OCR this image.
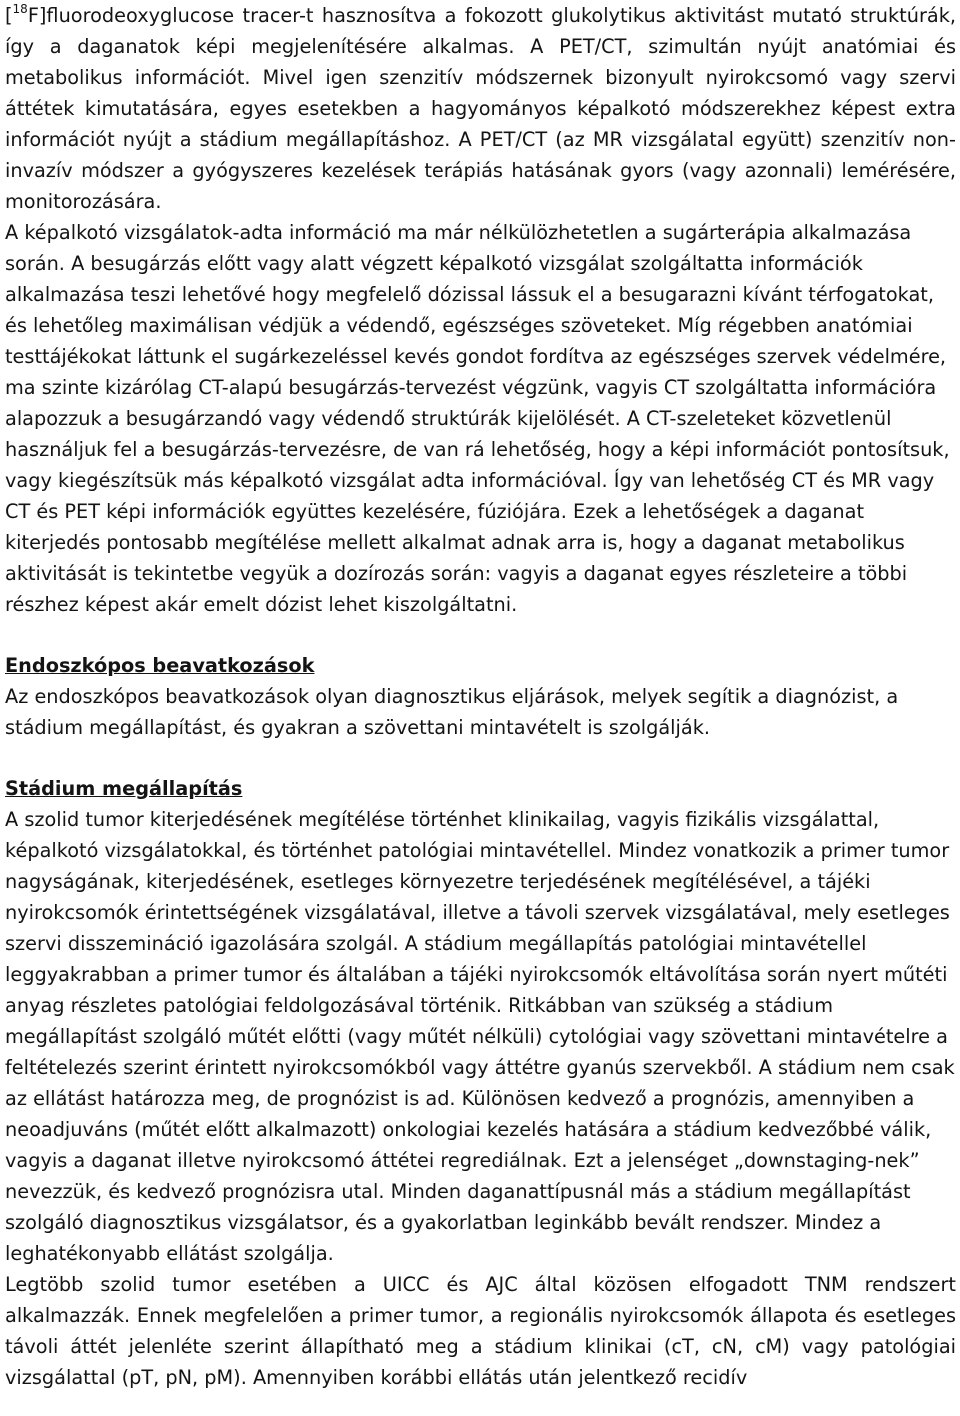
[$^{18}$F]fluorodeoxyglucose tracer-t hasznosítva a fokozott glukolytikus aktivitást mutató struktúrák, így a daganatok képi megjelenítésére alkalmas. A PET/CT, szimultán nyújt anatómiai és metabolikus információt. Mivel igen szenzitív módszernek bizonyult nyirokcsomó vagy szervi áttétek kimutatására, egyes esetekben a hagyományos képalkotó módszerekhez képest extra információt nyújt a stádium megállapításhoz. A PET/CT (az MR vizsgálatal együtt) szenzitív non-invazív módszer a gyógyszeres kezelések terápiás hatásának gyors (vagy azonnali) lemérésére, monitorozására.

A képalkotó vizsgálatok-adta információ ma már nélkülözhetetlen a sugárterápia alkalmazása során. A besugárzás előtt vagy alatt végzett képalkotó vizsgálat szolgáltatta információk alkalmazása teszi lehetővé hogy megfelelő dózissal lássuk el a besugarazni kívánt térfogatokat, és lehetőleg maximálisan védjük a védendő, egészséges szöveteket. Míg régebben anatómiai testtájékokat láttunk el sugárkezeléssel kevés gondot fordítva az egészséges szervek védelmére, ma szinte kizárólag CT-alapú besugárzás-tervezést végzünk, vagyis CT szolgáltatta információra alapozzuk a besugárzandó vagy védendő struktúrák kijelölését. A CT-szeleteket közvetlenül használjuk fel a besugárzás-tervezésre, de van rá lehetőség, hogy a képi információt pontosítsuk, vagy kiegészítsük más képalkotó vizsgálat adta információval. Így van lehetőség CT és MR vagy CT és PET képi információk együttes kezelésére, fúziójára. Ezek a lehetőségek a daganat kiterjedés pontosabb megítélése mellett alkalmat adnak arra is, hogy a daganat metabolikus aktivitását is tekintetbe vegyük a dozírozás során: vagyis a daganat egyes részleteire a többi részhez képest akár emelt dózist lehet kiszolgáltatni.

Endoszkópos beavatkozások

Az endoszkópos beavatkozások olyan diagnosztikus eljárások, melyek segítik a diagnózist, a stádium megállapítást, és gyakran a szövettani mintavételt is szolgálják.

Stádium megállapítás

A szolid tumor kiterjedésének megítélése történhet klinikailag, vagyis fizikális vizsgálattal, képalkotó vizsgálatokkal, és történhet patológiai mintavétellel. Mindez vonatkozik a primer tumor nagyságának, kiterjedésének, esetleges környezetre terjedésének megítélésével, a tájéki nyirokcsomók érintettségének vizsgálatával, illetve a távoli szervek vizsgálatával, mely esetleges szervi disszemináció igazolására szolgál. A stádium megállapítás patológiai mintavétellel leggyakrabban a primer tumor és általában a tájéki nyirokcsomók eltávolítása során nyert műtéti anyag részletes patológiai feldolgozásával történik. Ritkábban van szükség a stádium megállapítást szolgáló műtét előtti (vagy műtét nélküli) cytológiai vagy szövettani mintavételre a feltételezés szerint érintett nyirokcsomókból vagy áttétre gyanús szervekből. A stádium nem csak az ellátást határozza meg, de prognózist is ad. Különösen kedvező a prognózis, amennyiben a neoadjuváns (műtét előtt alkalmazott) onkologiai kezelés hatására a stádium kedvezőbbé válik, vagyis a daganat illetve nyirokcsomó áttétei regrediálnak. Ezt a jelenséget „downstaging-nek” nevezzük, és kedvező prognózisra utal. Minden daganattípusnál más a stádium megállapítást szolgáló diagnosztikus vizsgálatsor, és a gyakorlatban leginkább bevált rendszer. Mindez a leghatékonyabb ellátást szolgálja.

Legtöbb szolid tumor esetében a UICC és AJC által közösen elfogadott TNM rendszert alkalmazzák. Ennek megfelelően a primer tumor, a regionális nyirokcsomók állapota és esetleges távoli áttét jelenléte szerint állapítható meg a stádium klinikai (cT, cN, cM) vagy patológiai vizsgálattal (pT, pN, pM). Amennyiben korábbi ellátás után jelentkező recidív
